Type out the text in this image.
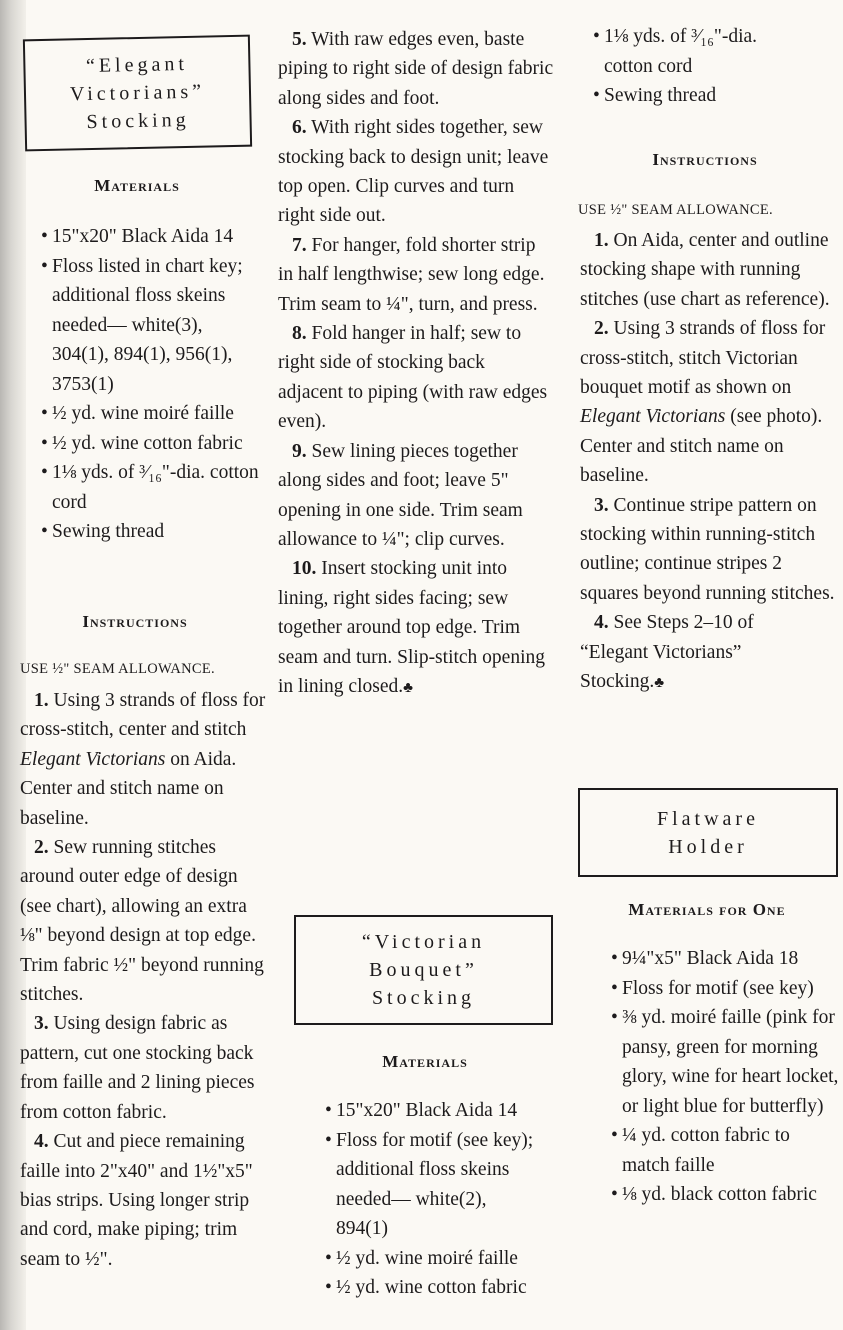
“Elegant
Victorians”
Stocking
Materials
• 15"x20" Black Aida 14
• Floss listed in chart key; additional floss skeins needed— white(3), 304(1), 894(1), 956(1), 3753(1)
• ½ yd. wine moiré faille
• ½ yd. wine cotton fabric
• 1⅛ yds. of ³⁄₁₆"-dia. cotton cord
• Sewing thread
Instructions

USE ½" SEAM ALLOWANCE.

1. Using 3 strands of floss for cross-stitch, center and stitch Elegant Victorians on Aida. Center and stitch name on baseline.

2. Sew running stitches around outer edge of design (see chart), allowing an extra ⅛" beyond design at top edge. Trim fabric ½" beyond running stitches.

3. Using design fabric as pattern, cut one stocking back from faille and 2 lining pieces from cotton fabric.

4. Cut and piece remaining faille into 2"x40" and 1½"x5" bias strips. Using longer strip and cord, make piping; trim seam to ½".

5. With raw edges even, baste piping to right side of design fabric along sides and foot.

6. With right sides together, sew stocking back to design unit; leave top open. Clip curves and turn right side out.

7. For hanger, fold shorter strip in half lengthwise; sew long edge. Trim seam to ¼", turn, and press.

8. Fold hanger in half; sew to right side of stocking back adjacent to piping (with raw edges even).

9. Sew lining pieces together along sides and foot; leave 5" opening in one side. Trim seam allowance to ¼"; clip curves.

10. Insert stocking unit into lining, right sides facing; sew together around top edge. Trim seam and turn. Slip-stitch opening in lining closed.♣

“Victorian
Bouquet”
Stocking
Materials
• 15"x20" Black Aida 14
• Floss for motif (see key); additional floss skeins needed— white(2), 894(1)
• ½ yd. wine moiré faille
• ½ yd. wine cotton fabric
• 1⅛ yds. of ³⁄₁₆"-dia. cotton cord
• Sewing thread
Instructions

USE ½" SEAM ALLOWANCE.

1. On Aida, center and outline stocking shape with running stitches (use chart as reference).

2. Using 3 strands of floss for cross-stitch, stitch Victorian bouquet motif as shown on Elegant Victorians (see photo). Center and stitch name on baseline.

3. Continue stripe pattern on stocking within running-stitch outline; continue stripes 2 squares beyond running stitches.

4. See Steps 2–10 of “Elegant Victorians” Stocking.♣

Flatware
Holder
Materials for One
• 9¼"x5" Black Aida 18
• Floss for motif (see key)
• ⅜ yd. moiré faille (pink for pansy, green for morning glory, wine for heart locket, or light blue for butterfly)
• ¼ yd. cotton fabric to match faille
• ⅛ yd. black cotton fabric
